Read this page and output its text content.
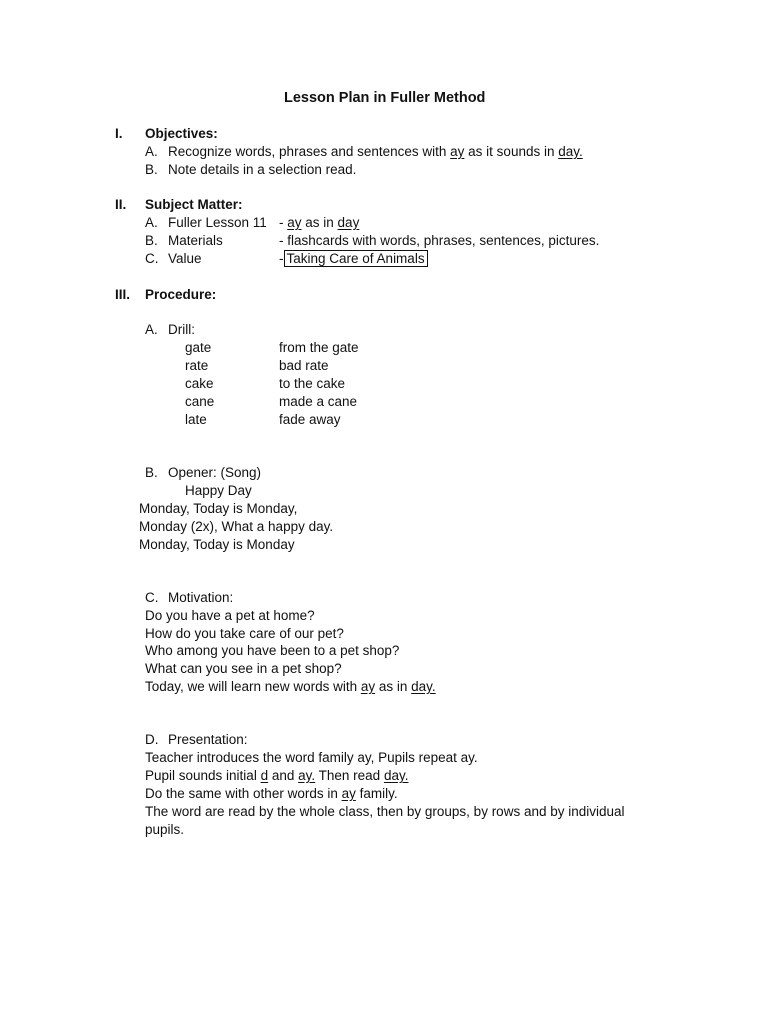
Lesson Plan in Fuller Method
I. Objectives:
A. Recognize words, phrases and sentences with ay as it sounds in day.
B. Note details in a selection read.
II. Subject Matter:
A. Fuller Lesson 11 - ay as in day
B. Materials	- flashcards with words, phrases, sentences, pictures.
C. Value	- Taking Care of Animals
III. Procedure:
A. Drill:
gate	from the gate
rate	bad rate
cake	to the cake
cane	made a cane
late	fade away
B. Opener: (Song)
Happy Day
Monday, Today is Monday,
Monday (2x), What a happy day.
Monday, Today is Monday
C. Motivation:
Do you have a pet at home?
How do you take care of our pet?
Who among you have been to a pet shop?
What can you see in a pet shop?
Today, we will learn new words with ay as in day.
D. Presentation:
Teacher introduces the word family ay, Pupils repeat ay.
Pupil sounds initial d and ay. Then read day.
Do the same with other words in ay family.
The word are read by the whole class, then by groups, by rows and by individual
pupils.
